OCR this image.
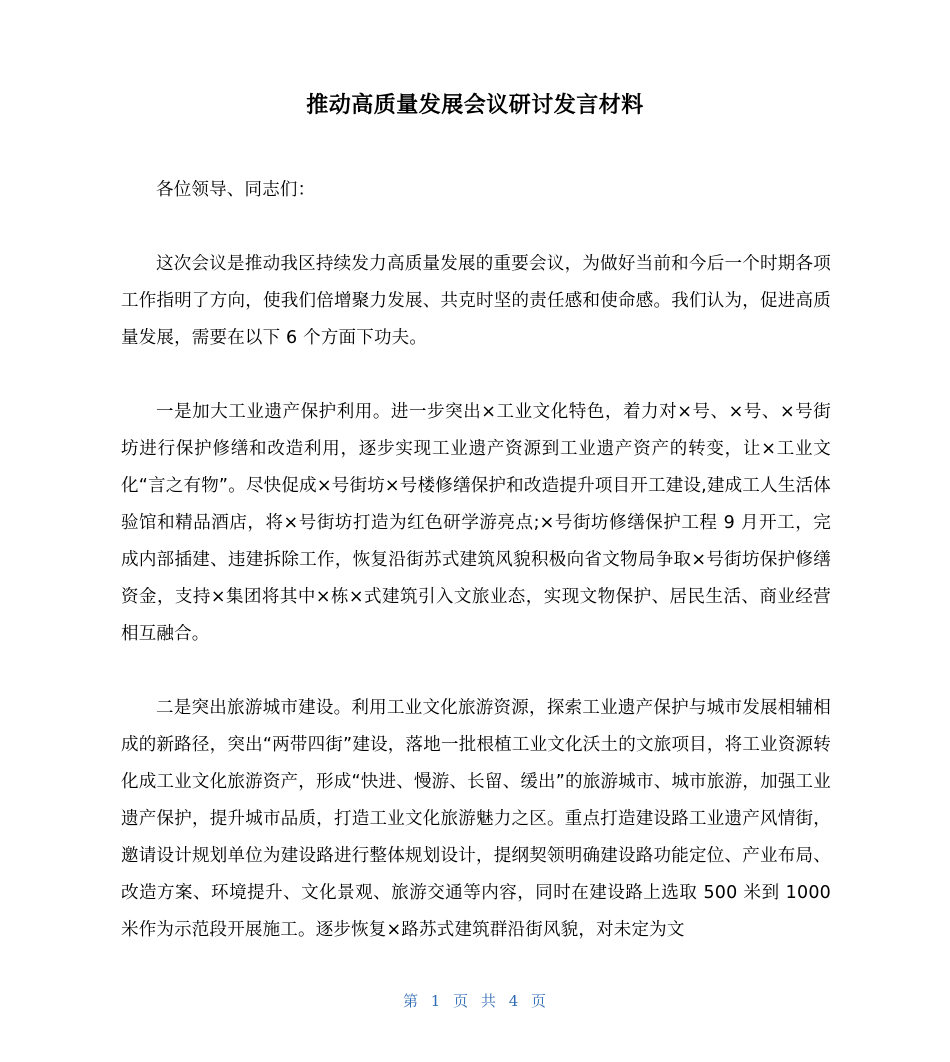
推动高质量发展会议研讨发言材料

各位领导、同志们：

这次会议是推动我区持续发力高质量发展的重要会议，为做好当前和今后一个时期各项工作指明了方向，使我们倍增聚力发展、共克时坚的责任感和使命感。我们认为，促进高质量发展，需要在以下 6 个方面下功夫。

一是加大工业遗产保护利用。进一步突出×工业文化特色，着力对×号、×号、×号街坊进行保护修缮和改造利用，逐步实现工业遗产资源到工业遗产资产的转变，让×工业文化“言之有物”。尽快促成×号街坊×号楼修缮保护和改造提升项目开工建设,建成工人生活体验馆和精品酒店，将×号街坊打造为红色研学游亮点;×号街坊修缮保护工程 9 月开工，完成内部插建、违建拆除工作，恢复沿街苏式建筑风貌积极向省文物局争取×号街坊保护修缮资金，支持×集团将其中×栋×式建筑引入文旅业态，实现文物保护、居民生活、商业经营相互融合。

二是突出旅游城市建设。利用工业文化旅游资源，探索工业遗产保护与城市发展相辅相成的新路径，突出“两带四街”建设，落地一批根植工业文化沃土的文旅项目，将工业资源转化成工业文化旅游资产，形成“快进、慢游、长留、缓出”的旅游城市、城市旅游，加强工业遗产保护，提升城市品质，打造工业文化旅游魅力之区。重点打造建设路工业遗产风情街，邀请设计规划单位为建设路进行整体规划设计，提纲契领明确建设路功能定位、产业布局、改造方案、环境提升、文化景观、旅游交通等内容，同时在建设路上选取 500 米到 1000 米作为示范段开展施工。逐步恢复×路苏式建筑群沿街风貌，对未定为文

第 1 页 共 4 页
